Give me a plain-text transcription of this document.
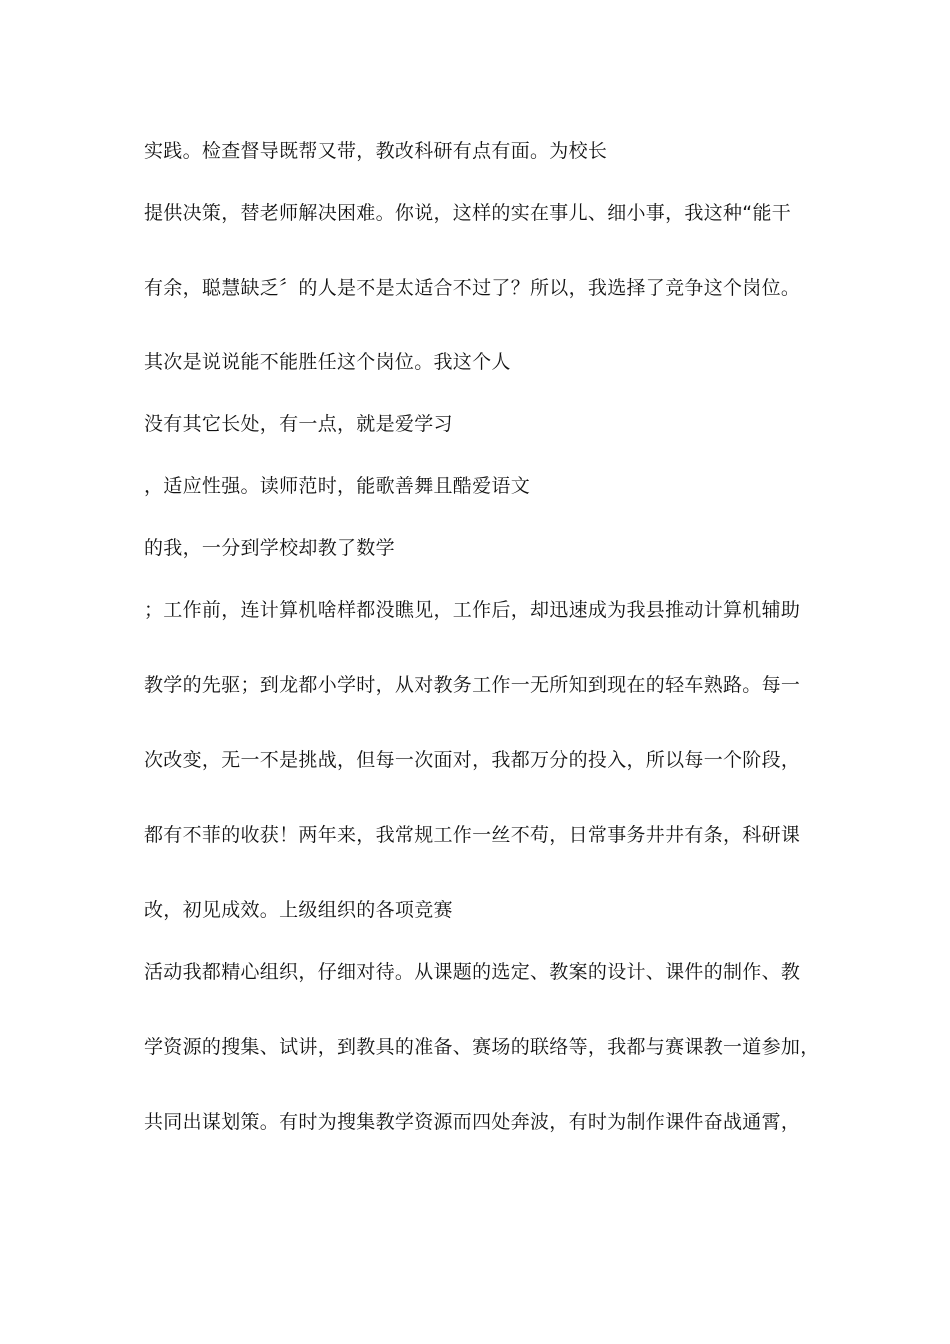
实践。检查督导既帮又带，教改科研有点有面。为校长
提供决策，替老师解决困难。你说，这样的实在事儿、细小事，我这种“能干
有余，聪慧缺乏〞的人是不是太适合不过了？所以，我选择了竞争这个岗位。
其次是说说能不能胜任这个岗位。我这个人
没有其它长处，有一点，就是爱学习
，适应性强。读师范时，能歌善舞且酷爱语文
的我，一分到学校却教了数学
；工作前，连计算机啥样都没瞧见，工作后，却迅速成为我县推动计算机辅助
教学的先驱；到龙都小学时，从对教务工作一无所知到现在的轻车熟路。每一
次改变，无一不是挑战，但每一次面对，我都万分的投入，所以每一个阶段，
都有不菲的收获！两年来，我常规工作一丝不苟，日常事务井井有条，科研课
改，初见成效。上级组织的各项竞赛
活动我都精心组织，仔细对待。从课题的选定、教案的设计、课件的制作、教
学资源的搜集、试讲，到教具的准备、赛场的联络等，我都与赛课教一道参加，
共同出谋划策。有时为搜集教学资源而四处奔波，有时为制作课件奋战通霄，
